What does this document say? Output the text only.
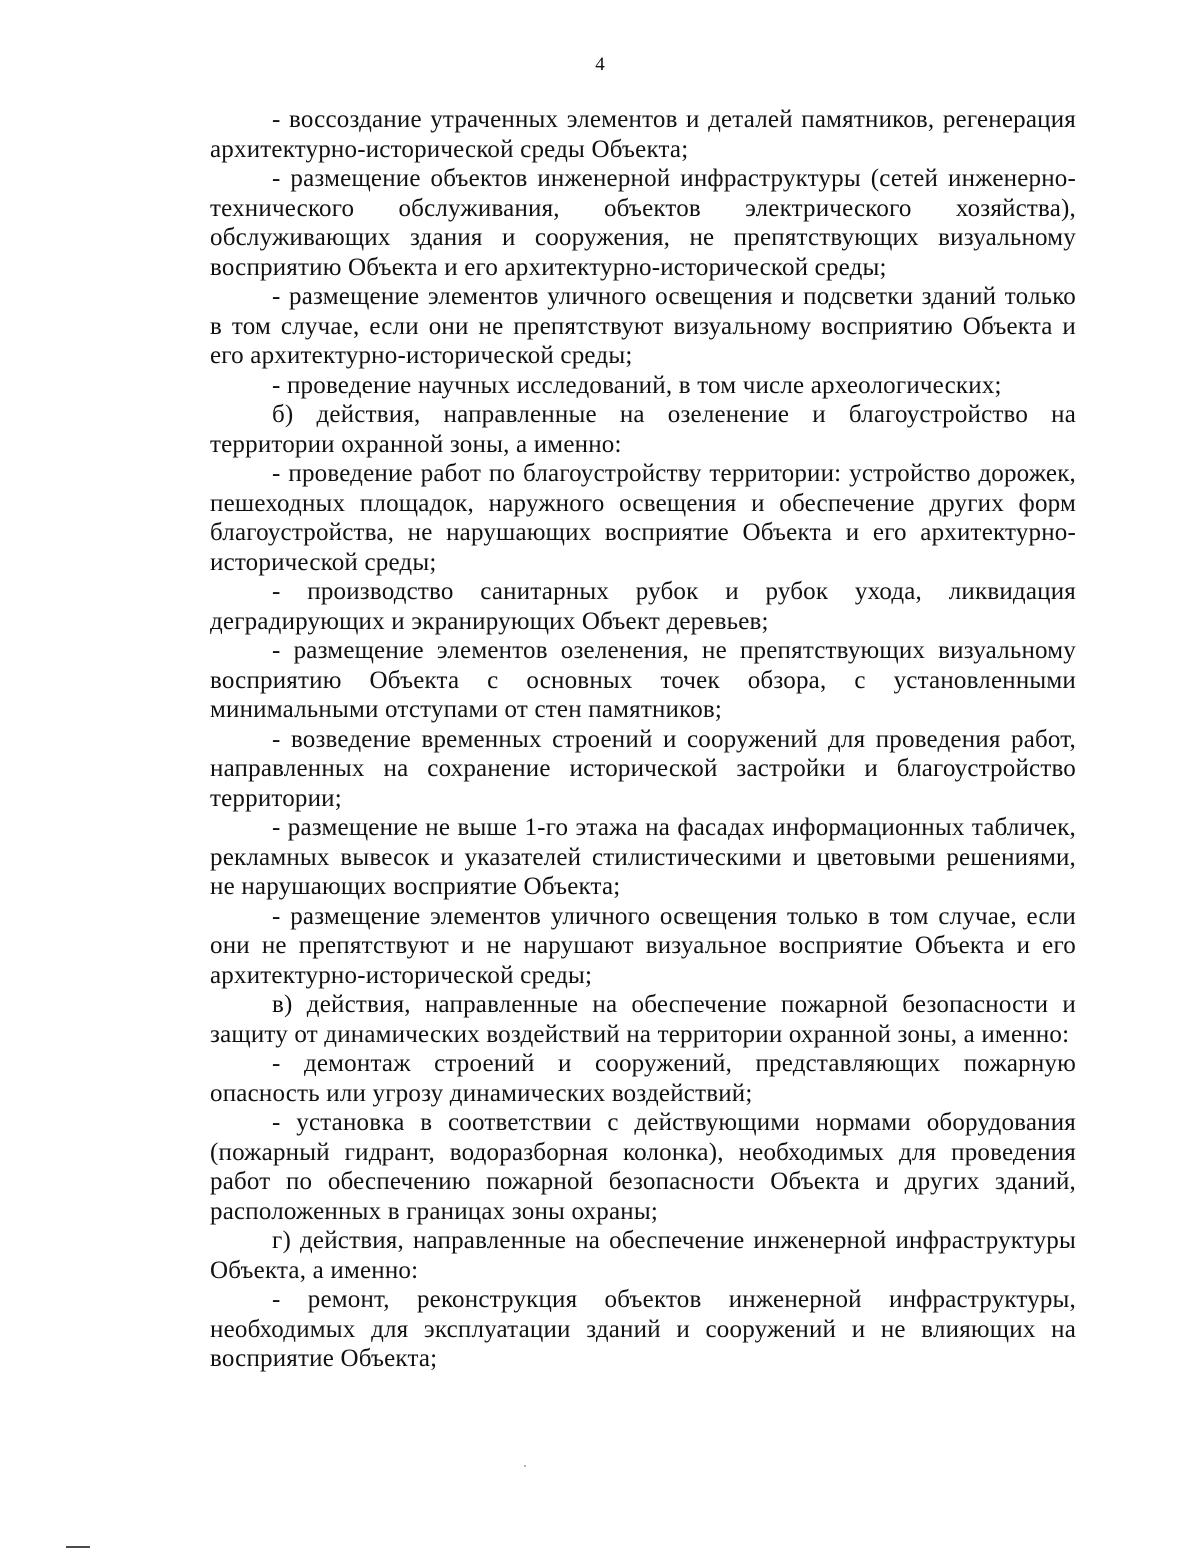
4

- воссоздание утраченных элементов и деталей памятников, регенерация архитектурно-исторической среды Объекта;

- размещение объектов инженерной инфраструктуры (сетей инженерно-технического обслуживания, объектов электрического хозяйства), обслуживающих здания и сооружения, не препятствующих визуальному восприятию Объекта и его архитектурно-исторической среды;

- размещение элементов уличного освещения и подсветки зданий только в том случае, если они не препятствуют визуальному восприятию Объекта и его архитектурно-исторической среды;

- проведение научных исследований, в том числе археологических;

б) действия, направленные на озеленение и благоустройство на территории охранной зоны, а именно:

- проведение работ по благоустройству территории: устройство дорожек, пешеходных площадок, наружного освещения и обеспечение других форм благоустройства, не нарушающих восприятие Объекта и его архитектурно-исторической среды;

- производство санитарных рубок и рубок ухода, ликвидация деградирующих и экранирующих Объект деревьев;

- размещение элементов озеленения, не препятствующих визуальному восприятию Объекта с основных точек обзора, с установленными минимальными отступами от стен памятников;

- возведение временных строений и сооружений для проведения работ, направленных на сохранение исторической застройки и благоустройство территории;

- размещение не выше 1-го этажа на фасадах информационных табличек, рекламных вывесок и указателей стилистическими и цветовыми решениями, не нарушающих восприятие Объекта;

- размещение элементов уличного освещения только в том случае, если они не препятствуют и не нарушают визуальное восприятие Объекта и его архитектурно-исторической среды;

в) действия, направленные на обеспечение пожарной безопасности и защиту от динамических воздействий на территории охранной зоны, а именно:

- демонтаж строений и сооружений, представляющих пожарную опасность или угрозу динамических воздействий;

- установка в соответствии с действующими нормами оборудования (пожарный гидрант, водоразборная колонка), необходимых для проведения работ по обеспечению пожарной безопасности Объекта и других зданий, расположенных в границах зоны охраны;

г) действия, направленные на обеспечение инженерной инфраструктуры Объекта, а именно:

- ремонт, реконструкция объектов инженерной инфраструктуры, необходимых для эксплуатации зданий и сооружений и не влияющих на восприятие Объекта;
